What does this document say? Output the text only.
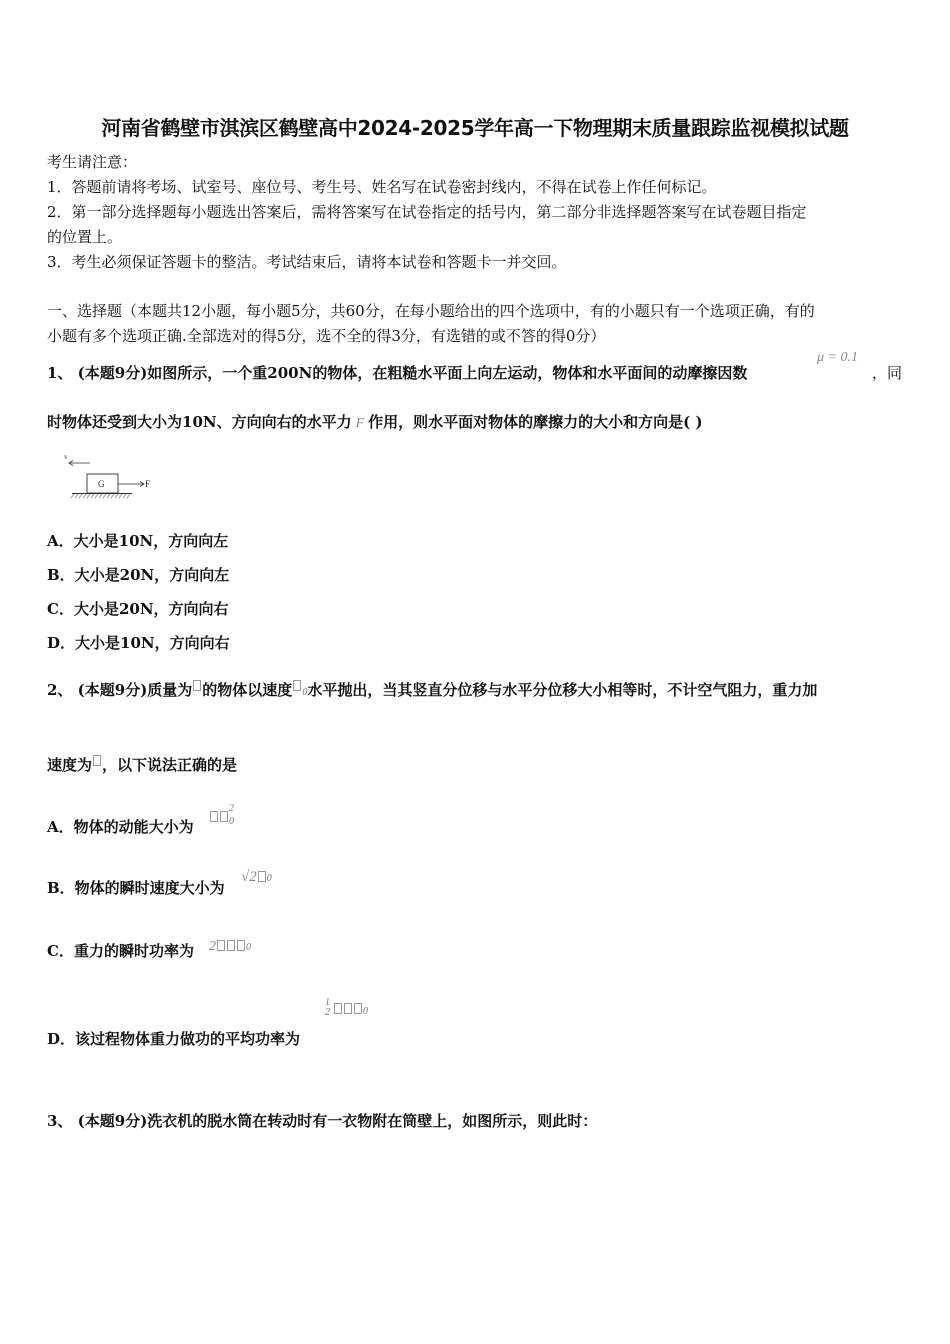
河南省鹤壁市淇滨区鹤壁高中2024-2025学年高一下物理期末质量跟踪监视模拟试题
考生请注意：
1．答题前请将考场、试室号、座位号、考生号、姓名写在试卷密封线内，不得在试卷上作任何标记。
2．第一部分选择题每小题选出答案后，需将答案写在试卷指定的括号内，第二部分非选择题答案写在试卷题目指定
的位置上。
3．考生必须保证答题卡的整洁。考试结束后，请将本试卷和答题卡一并交回。
一、选择题（本题共12小题，每小题5分，共60分，在每小题给出的四个选项中，有的小题只有一个选项正确，有的
小题有多个选项正确.全部选对的得5分，选不全的得3分，有选错的或不答的得0分）
1、 (本题9分)如图所示，一个重200N的物体，在粗糙水平面上向左运动，物体和水平面间的动摩擦因数
μ = 0.1
，同
时物体还受到大小为10N、方向向右的水平力 F 作用，则水平面对物体的摩擦力的大小和方向是( )
v
G	F
A．大小是10N，方向向左
B．大小是20N，方向向左
C．大小是20N，方向向右
D．大小是10N，方向向右
2、 (本题9分)质量为 的物体以速度 0水平抛出，当其竖直分位移与水平分位移大小相等时，不计空气阻力，重力加
速度为 ，以下说法正确的是
A．物体的动能大小为
2
0
B．物体的瞬时速度大小为
√2 0
C．重力的瞬时功率为 2	0
D．该过程物体重力做功的平均功率为
1
2	0
3、 (本题9分)洗衣机的脱水筒在转动时有一衣物附在筒壁上，如图所示，则此时：
